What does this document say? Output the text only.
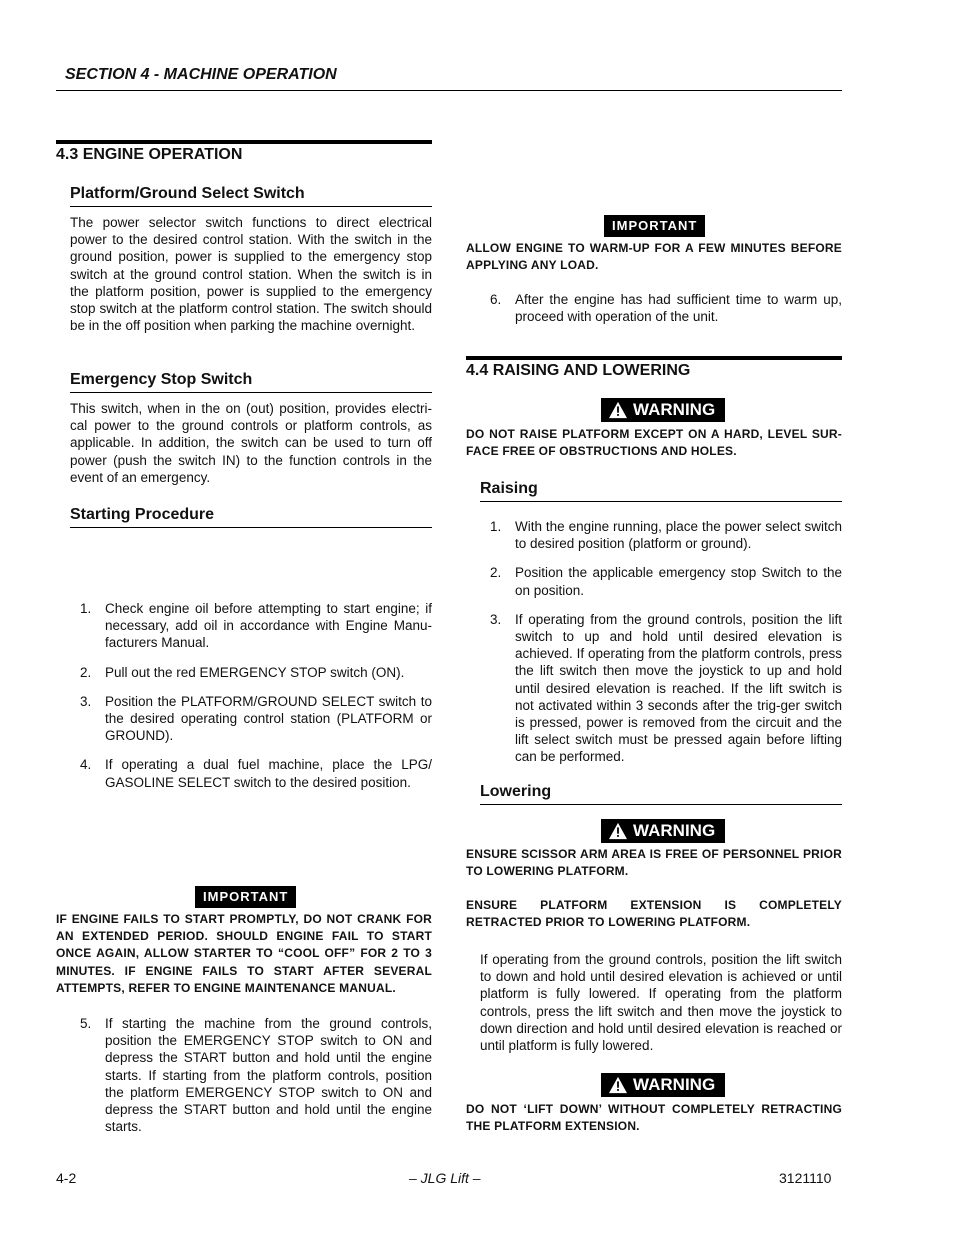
SECTION 4 - MACHINE OPERATION
4.3 ENGINE OPERATION
Platform/Ground Select Switch
The power selector switch functions to direct electrical power to the desired control station. With the switch in the ground position, power is supplied to the emergency stop switch at the ground control station. When the switch is in the platform position, power is supplied to the emergency stop switch at the platform control station. The switch should be in the off position when parking the machine overnight.
Emergency Stop Switch
This switch, when in the on (out) position, provides electri-cal power to the ground controls or platform controls, as applicable. In addition, the switch can be used to turn off power (push the switch IN) to the function controls in the event of an emergency.
Starting Procedure
1.	Check engine oil before attempting to start engine; if necessary, add oil in accordance with Engine Manu-facturers Manual.
2.	Pull out the red EMERGENCY STOP switch (ON).
3.	Position the PLATFORM/GROUND SELECT switch to the desired operating control station (PLATFORM or GROUND).
4.	If operating a dual fuel machine, place the LPG/ GASOLINE SELECT switch to the desired position.
IMPORTANT
IF ENGINE FAILS TO START PROMPTLY, DO NOT CRANK FOR AN EXTENDED PERIOD. SHOULD ENGINE FAIL TO START ONCE AGAIN, ALLOW STARTER TO “COOL OFF” FOR 2 TO 3 MINUTES. IF ENGINE FAILS TO START AFTER SEVERAL ATTEMPTS, REFER TO ENGINE MAINTENANCE MANUAL.
5.	If starting the machine from the ground controls, position the EMERGENCY STOP switch to ON and depress the START button and hold until the engine starts. If starting from the platform controls, position the platform EMERGENCY STOP switch to ON and depress the START button and hold until the engine starts.
IMPORTANT
ALLOW ENGINE TO WARM-UP FOR A FEW MINUTES BEFORE APPLYING ANY LOAD.
6.	After the engine has had sufficient time to warm up, proceed with operation of the unit.
4.4 RAISING AND LOWERING
WARNING
DO NOT RAISE PLATFORM EXCEPT ON A HARD, LEVEL SUR-FACE FREE OF OBSTRUCTIONS AND HOLES.
Raising
1.	With the engine running, place the power select switch to desired position (platform or ground).
2.	Position the applicable emergency stop Switch to the on position.
3.	If operating from the ground controls, position the lift switch to up and hold until desired elevation is achieved. If operating from the platform controls, press the lift switch then move the joystick to up and hold until desired elevation is reached. If the lift switch is not activated within 3 seconds after the trig-ger switch is pressed, power is removed from the circuit and the lift select switch must be pressed again before lifting can be performed.
Lowering
WARNING
ENSURE SCISSOR ARM AREA IS FREE OF PERSONNEL PRIOR TO LOWERING PLATFORM.
ENSURE PLATFORM EXTENSION IS COMPLETELY RETRACTED PRIOR TO LOWERING PLATFORM.
If operating from the ground controls, position the lift switch to down and hold until desired elevation is achieved or until platform is fully lowered. If operating from the platform controls, press the lift switch and then move the joystick to down direction and hold until desired elevation is reached or until platform is fully lowered.
WARNING
DO NOT ‘LIFT DOWN’ WITHOUT COMPLETELY RETRACTING THE PLATFORM EXTENSION.
4-2	– JLG Lift –	3121110
